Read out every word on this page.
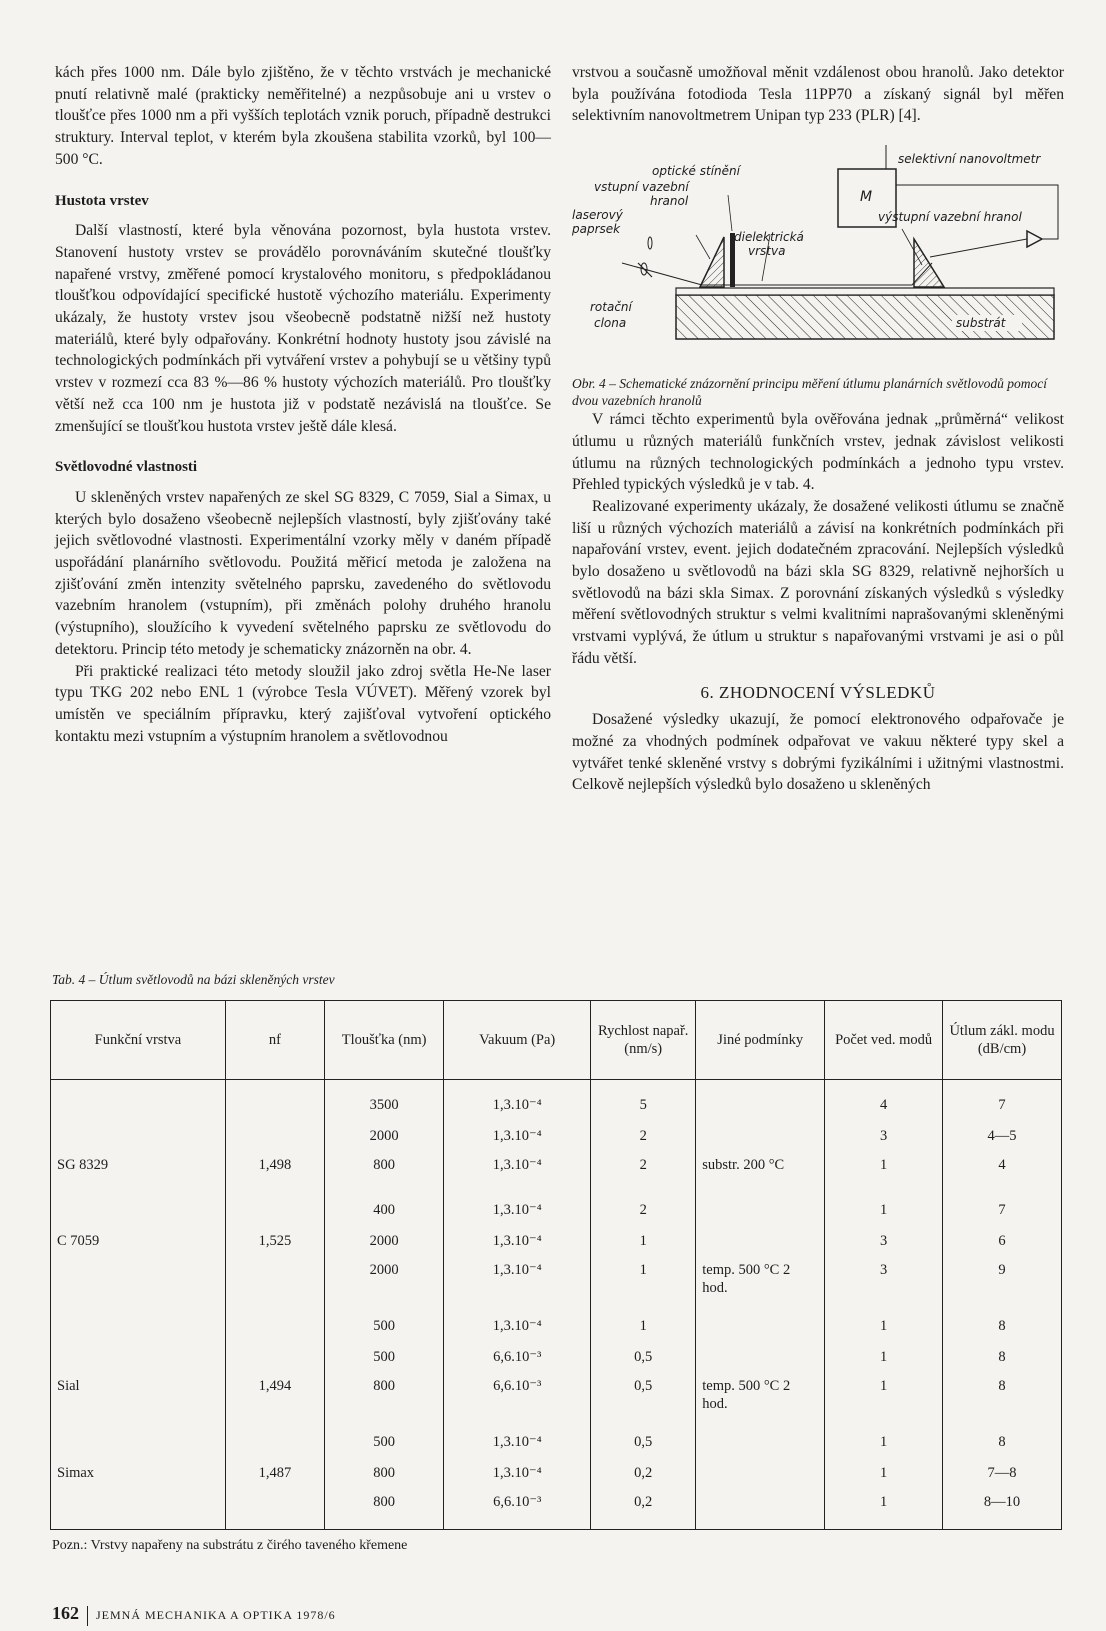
kách přes 1000 nm. Dále bylo zjištěno, že v těchto vrstvách je mechanické pnutí relativně malé (prakticky neměřitelné) a nezpůsobuje ani u vrstev o tloušťce přes 1000 nm a při vyšších teplotách vznik poruch, případně destrukci struktury. Interval teplot, v kterém byla zkoušena stabilita vzorků, byl 100—500 °C.

Hustota vrstev

Další vlastností, které byla věnována pozornost, byla hustota vrstev. Stanovení hustoty vrstev se provádělo porovnáváním skutečné tloušťky napařené vrstvy, změřené pomocí krystalového monitoru, s předpokládanou tloušťkou odpovídající specifické hustotě výchozího materiálu. Experimenty ukázaly, že hustoty vrstev jsou všeobecně podstatně nižší než hustoty materiálů, které byly odpařovány. Konkrétní hodnoty hustoty jsou závislé na technologických podmínkách při vytváření vrstev a pohybují se u většiny typů vrstev v rozmezí cca 83 %—86 % hustoty výchozích materiálů. Pro tloušťky větší než cca 100 nm je hustota již v podstatě nezávislá na tloušťce. Se zmenšující se tloušťkou hustota vrstev ještě dále klesá.

Světlovodné vlastnosti

U skleněných vrstev napařených ze skel SG 8329, C 7059, Sial a Simax, u kterých bylo dosaženo všeobecně nejlepších vlastností, byly zjišťovány také jejich světlovodné vlastnosti. Experimentální vzorky měly v daném případě uspořádání planárního světlovodu. Použitá měřicí metoda je založena na zjišťování změn intenzity světelného paprsku, zavedeného do světlovodu vazebním hranolem (vstupním), při změnách polohy druhého hranolu (výstupního), sloužícího k vyvedení světelného paprsku ze světlovodu do detektoru. Princip této metody je schematicky znázorněn na obr. 4.

Při praktické realizaci této metody sloužil jako zdroj světla He-Ne laser typu TKG 202 nebo ENL 1 (výrobce Tesla VÚVET). Měřený vzorek byl umístěn ve speciálním přípravku, který zajišťoval vytvoření optického kontaktu mezi vstupním a výstupním hranolem a světlovodnou

vrstvou a současně umožňoval měnit vzdálenost obou hranolů. Jako detektor byla používána fotodioda Tesla 11PP70 a získaný signál byl měřen selektivním nanovoltmetrem Unipan typ 233 (PLR) [4].

selektivní nanovoltmetr
M
optické stínění
vstupní vazební
hranol
laserový
paprsek
výstupní vazební hranol
dielektrická
vrstva
rotační
clona	substrát

Obr. 4 – Schematické znázornění principu měření útlumu planárních světlovodů pomocí dvou vazebních hranolů

V rámci těchto experimentů byla ověřována jednak „průměrná“ velikost útlumu u různých materiálů funkčních vrstev, jednak závislost velikosti útlumu na různých technologických podmínkách a jednoho typu vrstev. Přehled typických výsledků je v tab. 4.

Realizované experimenty ukázaly, že dosažené velikosti útlumu se značně liší u různých výchozích materiálů a závisí na konkrétních podmínkách při napařování vrstev, event. jejich dodatečném zpracování. Nejlepších výsledků bylo dosaženo u světlovodů na bázi skla SG 8329, relativně nejhorších u světlovodů na bázi skla Simax. Z porovnání získaných výsledků s výsledky měření světlovodných struktur s velmi kvalitními naprašovanými skleněnými vrstvami vyplývá, že útlum u struktur s napařovanými vrstvami je asi o půl řádu větší.

6. ZHODNOCENÍ VÝSLEDKŮ

Dosažené výsledky ukazují, že pomocí elektronového odpařovače je možné za vhodných podmínek odpařovat ve vakuu některé typy skel a vytvářet tenké skleněné vrstvy s dobrými fyzikálními i užitnými vlastnostmi. Celkově nejlepších výsledků bylo dosaženo u skleněných

Tab. 4 – Útlum světlovodů na bázi skleněných vrstev
Funkční vrstva	nf	Tloušťka (nm)	Vakuum (Pa)	Rychlost napař. (nm/s)	Jiné podmínky	Počet ved. modů	Útlum zákl. modu (dB/cm)
		3500	1,3.10⁻⁴	5		4	7
		2000	1,3.10⁻⁴	2		3	4—5
SG 8329	1,498	800	1,3.10⁻⁴	2	substr. 200 °C	1	4
		400	1,3.10⁻⁴	2		1	7
C 7059	1,525	2000	1,3.10⁻⁴	1		3	6
		2000	1,3.10⁻⁴	1	temp. 500 °C 2 hod.	3	9
		500	1,3.10⁻⁴	1		1	8
		500	6,6.10⁻³	0,5		1	8
Sial	1,494	800	6,6.10⁻³	0,5	temp. 500 °C 2 hod.	1	8
		500	1,3.10⁻⁴	0,5		1	8
Simax	1,487	800	1,3.10⁻⁴	0,2		1	7—8
		800	6,6.10⁻³	0,2		1	8—10
Pozn.: Vrstvy napařeny na substrátu z čirého taveného křemene
162 JEMNÁ MECHANIKA A OPTIKA 1978/6
